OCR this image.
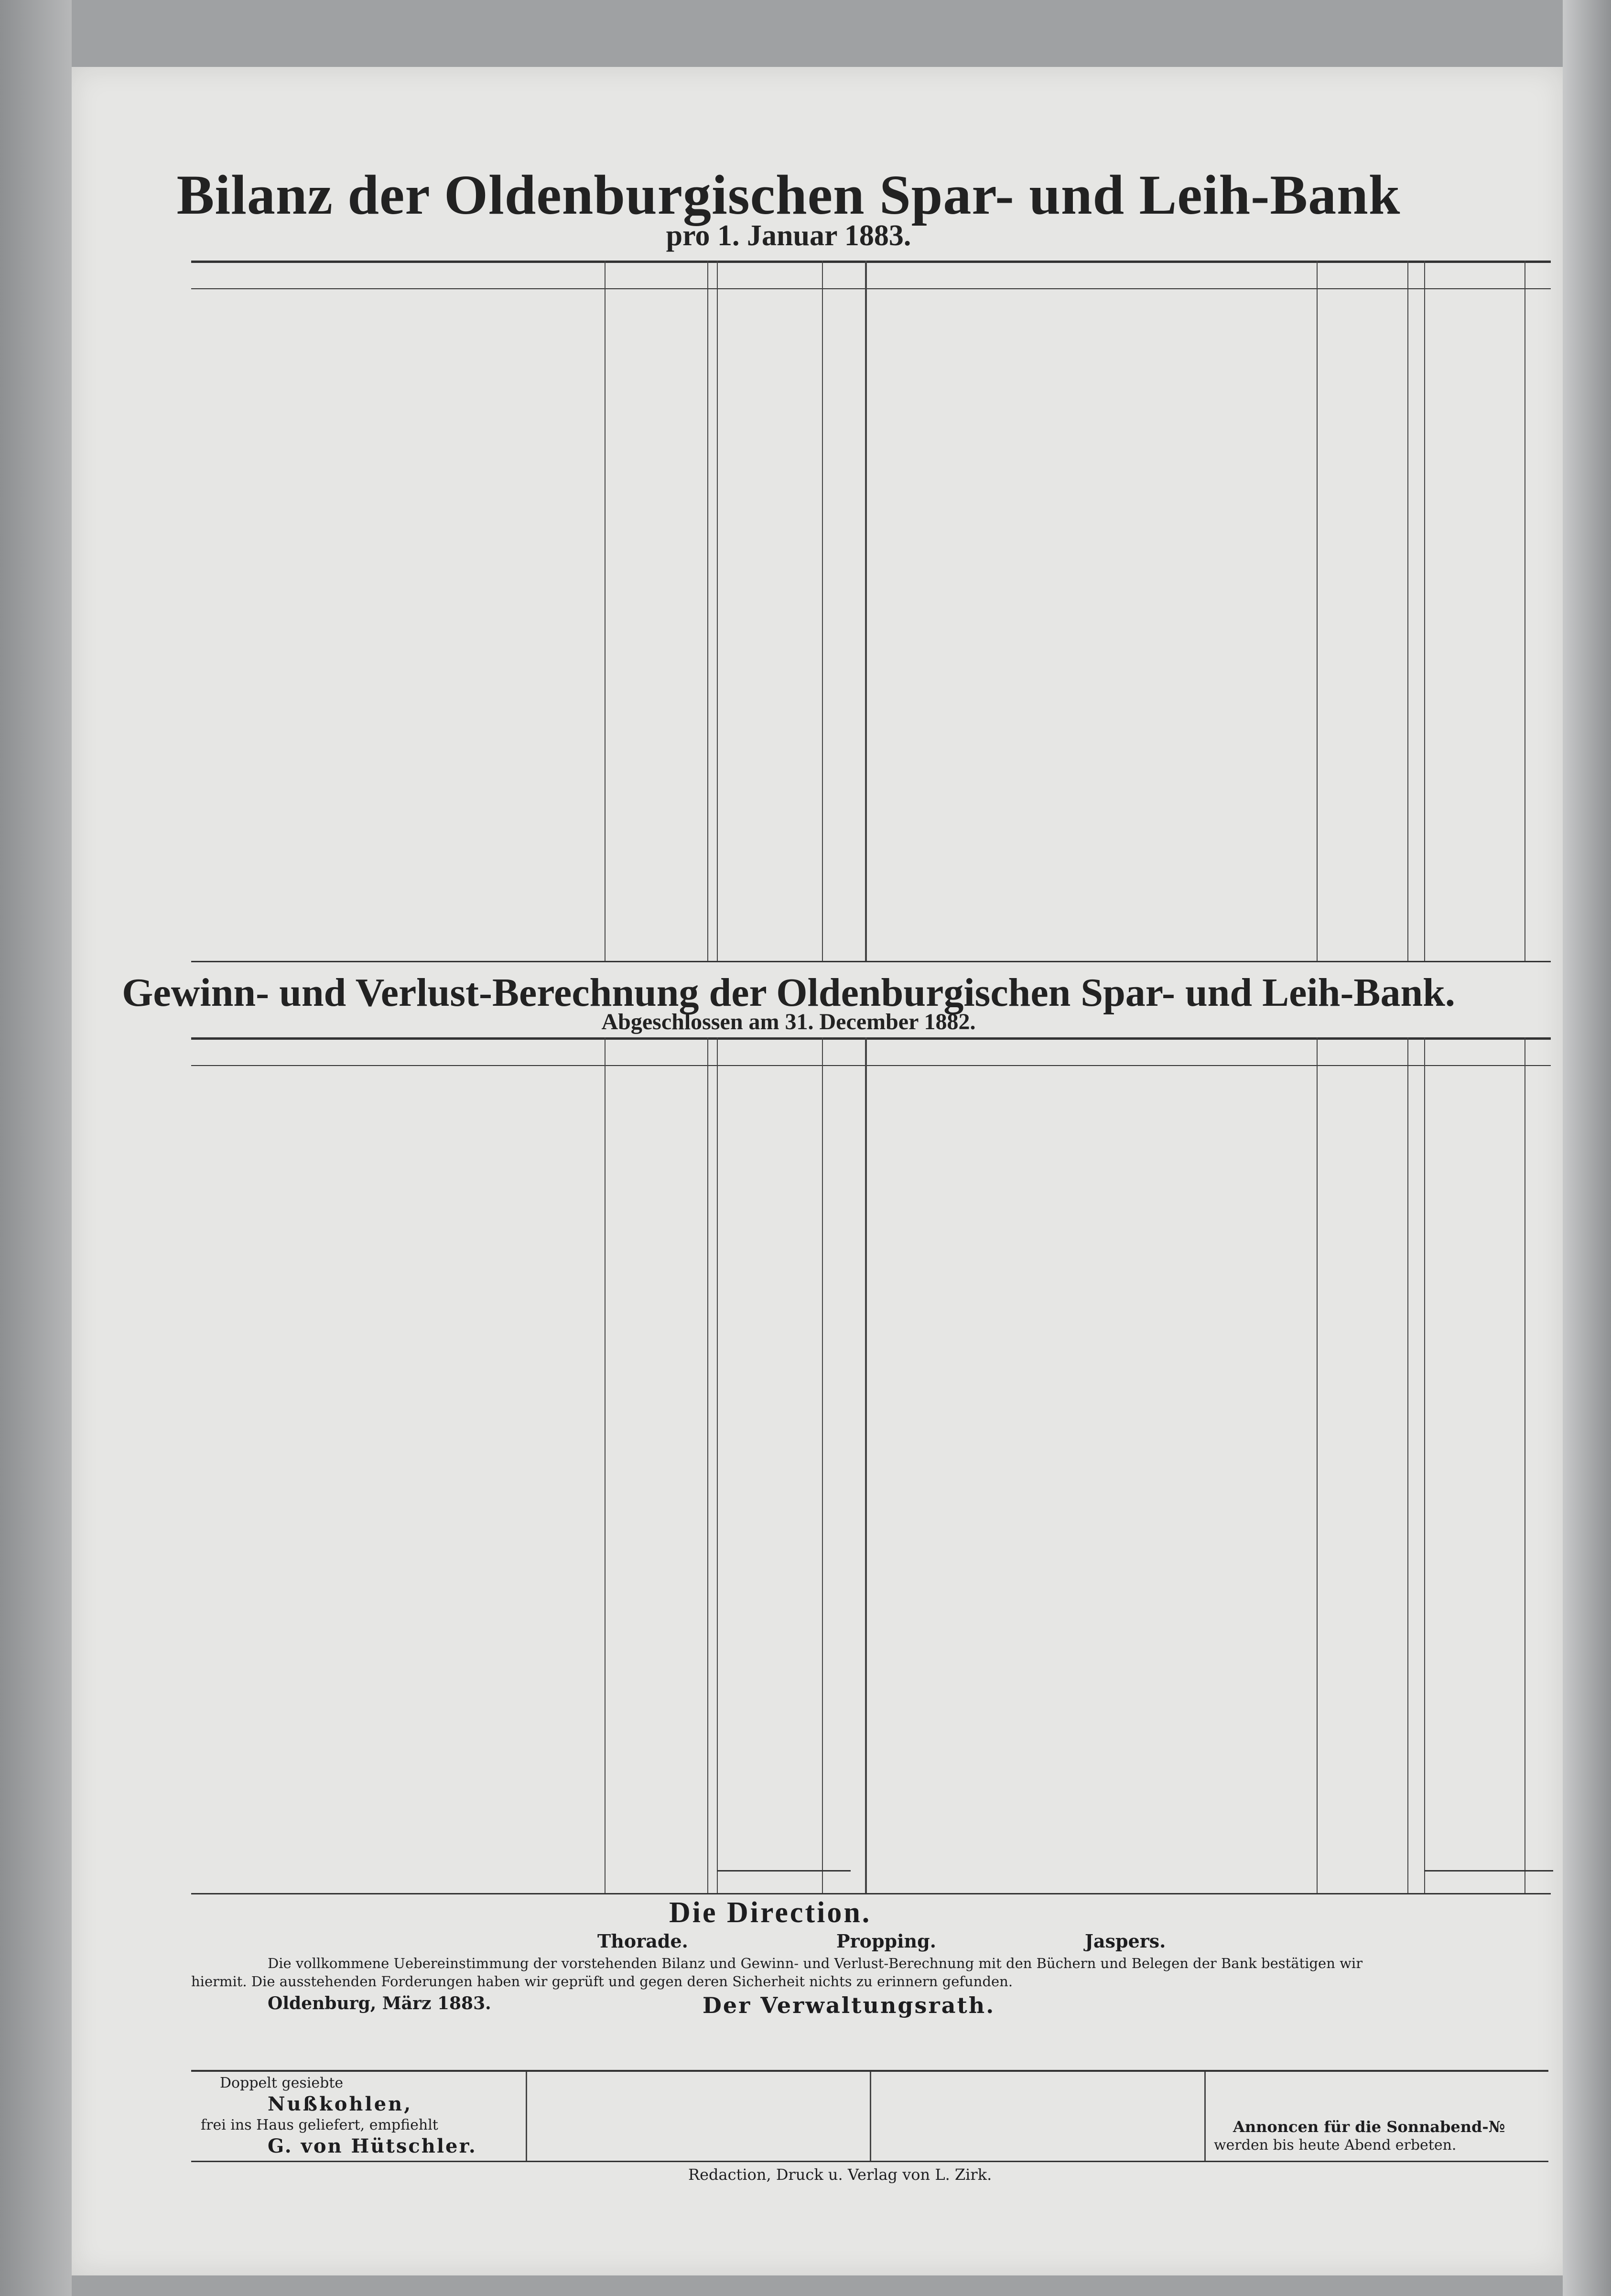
Bilanz der Oldenburgischen Spar- und Leih-Bank
pro 1. Januar 1883.
Gewinn- und Verlust-Berechnung der Oldenburgischen Spar- und Leih-Bank.
Abgeschlossen am 31. December 1882.
Die Direction.
Thorade.	Propping.	Jaspers.
Die vollkommene Uebereinstimmung der vorstehenden Bilanz und Gewinn- und Verlust-Berechnung mit den Büchern und Belegen der Bank bestätigen wir
hiermit. Die ausstehenden Forderungen haben wir geprüft und gegen deren Sicherheit nichts zu erinnern gefunden.
Oldenburg, März 1883.	Der Verwaltungsrath.
Doppelt gesiebte
Nußkohlen,
frei ins Haus geliefert, empfiehlt
G. von Hütschler.
Annoncen für die Sonnabend-№
werden bis heute Abend erbeten.
Redaction, Druck u. Verlag von L. Zirk.
